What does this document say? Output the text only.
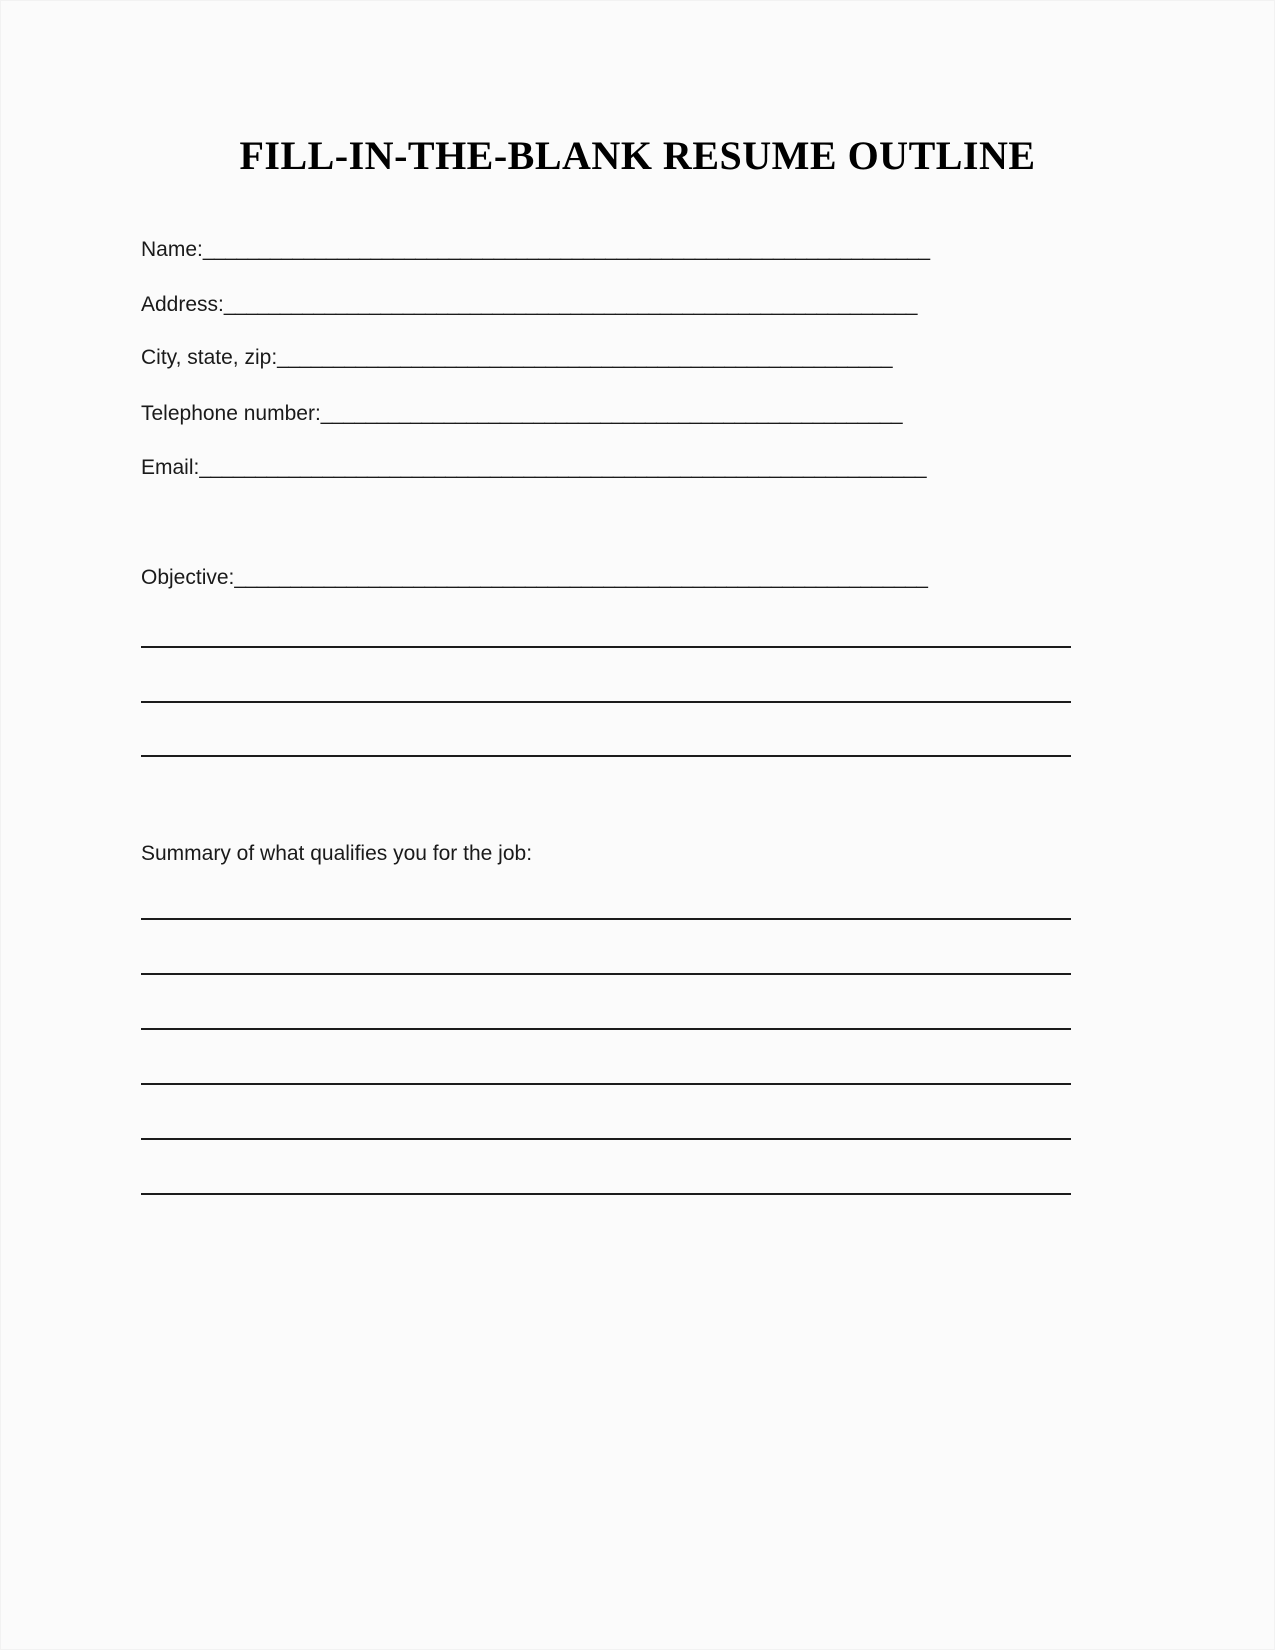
FILL-IN-THE-BLANK RESUME OUTLINE
Name:_________________________________________________________________
Address:______________________________________________________________
City, state, zip:_______________________________________________________
Telephone number:____________________________________________________
Email:_________________________________________________________________
Objective:______________________________________________________________
Summary of what qualifies you for the job:
